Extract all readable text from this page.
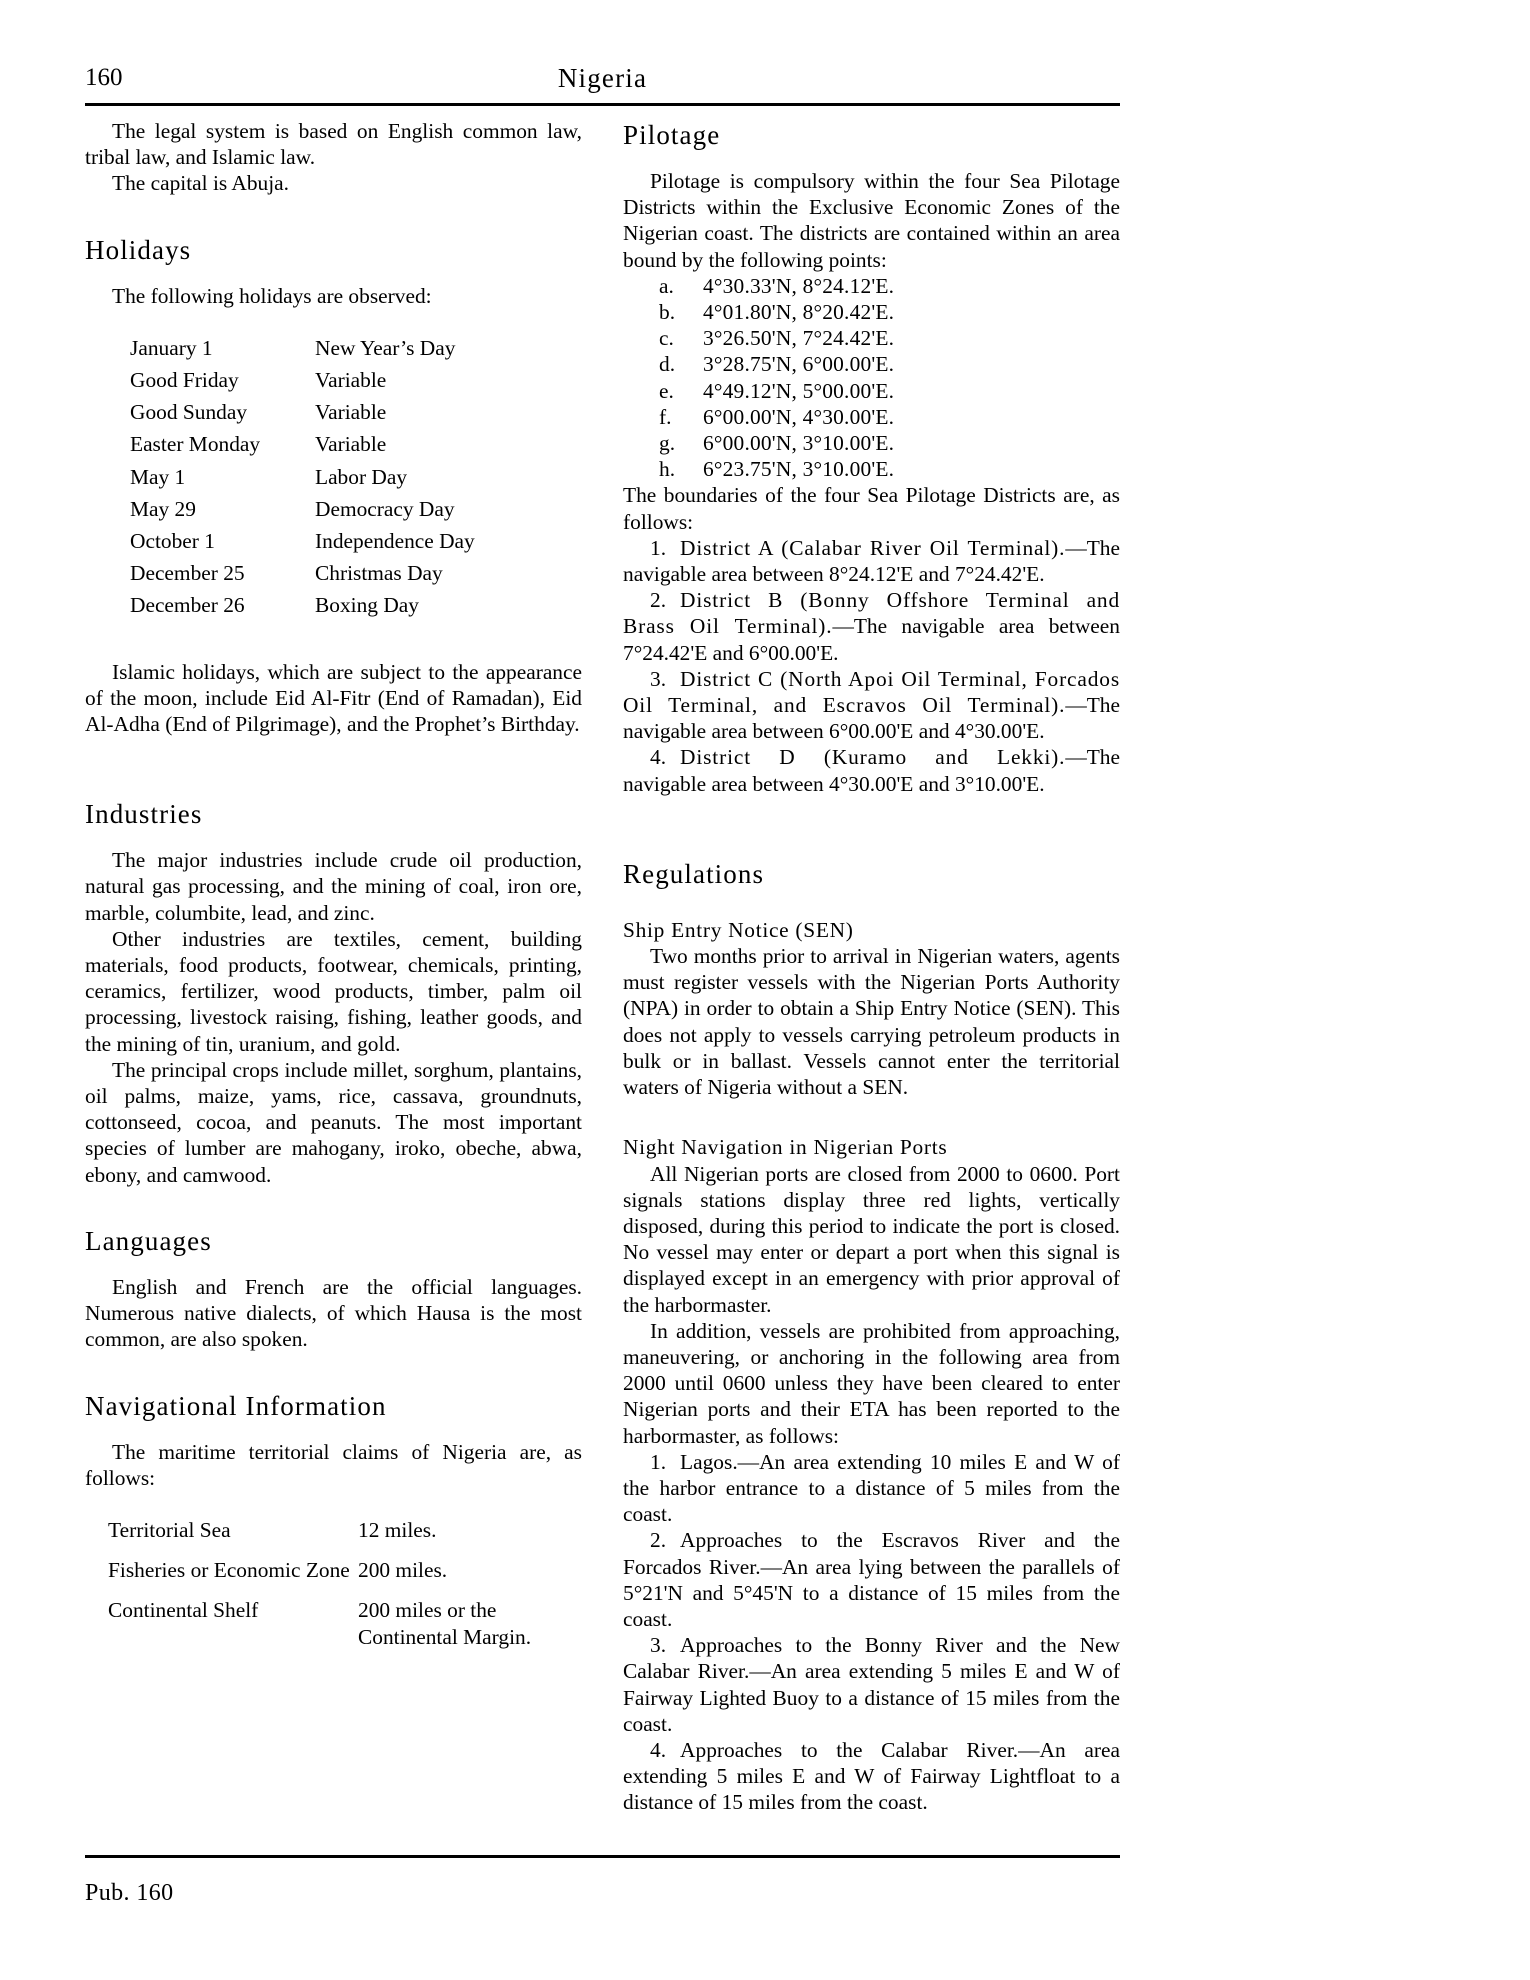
160	Nigeria

The legal system is based on English common law, tribal law, and Islamic law.

The capital is Abuja.

Holidays

The following holidays are observed:

January 1	New Year’s Day
Good Friday	Variable
Good Sunday	Variable
Easter Monday	Variable
May 1	Labor Day
May 29	Democracy Day
October 1	Independence Day
December 25	Christmas Day
December 26	Boxing Day

Islamic holidays, which are subject to the appearance of the moon, include Eid Al-Fitr (End of Ramadan), Eid Al-Adha (End of Pilgrimage), and the Prophet’s Birthday.

Industries

The major industries include crude oil production, natural gas processing, and the mining of coal, iron ore, marble, columbite, lead, and zinc.

Other industries are textiles, cement, building materials, food products, footwear, chemicals, printing, ceramics, fertilizer, wood products, timber, palm oil processing, livestock raising, fishing, leather goods, and the mining of tin, uranium, and gold.

The principal crops include millet, sorghum, plantains, oil palms, maize, yams, rice, cassava, groundnuts, cottonseed, cocoa, and peanuts. The most important species of lumber are mahogany, iroko, obeche, abwa, ebony, and camwood.

Languages

English and French are the official languages. Numerous native dialects, of which Hausa is the most common, are also spoken.

Navigational Information

The maritime territorial claims of Nigeria are, as follows:

Territorial Sea	12 miles.
Fisheries or Economic Zone	200 miles.
Continental Shelf	200 miles or the Continental Margin.
Pilotage

Pilotage is compulsory within the four Sea Pilotage Districts within the Exclusive Economic Zones of the Nigerian coast. The districts are contained within an area bound by the following points:

a.	4°30.33'N, 8°24.12'E.
b.	4°01.80'N, 8°20.42'E.
c.	3°26.50'N, 7°24.42'E.
d.	3°28.75'N, 6°00.00'E.
e.	4°49.12'N, 5°00.00'E.
f.	6°00.00'N, 4°30.00'E.
g.	6°00.00'N, 3°10.00'E.
h.	6°23.75'N, 3°10.00'E.

The boundaries of the four Sea Pilotage Districts are, as follows:

1. District A (Calabar River Oil Terminal).—The navigable area between 8°24.12'E and 7°24.42'E.

2. District B (Bonny Offshore Terminal and Brass Oil Terminal).—The navigable area between 7°24.42'E and 6°00.00'E.

3. District C (North Apoi Oil Terminal, Forcados Oil Terminal, and Escravos Oil Terminal).—The navigable area between 6°00.00'E and 4°30.00'E.

4. District D (Kuramo and Lekki).—The navigable area between 4°30.00'E and 3°10.00'E.

Regulations
Ship Entry Notice (SEN)

Two months prior to arrival in Nigerian waters, agents must register vessels with the Nigerian Ports Authority (NPA) in order to obtain a Ship Entry Notice (SEN). This does not apply to vessels carrying petroleum products in bulk or in ballast. Vessels cannot enter the territorial waters of Nigeria without a SEN.

Night Navigation in Nigerian Ports

All Nigerian ports are closed from 2000 to 0600. Port signals stations display three red lights, vertically disposed, during this period to indicate the port is closed. No vessel may enter or depart a port when this signal is displayed except in an emergency with prior approval of the harbormaster.

In addition, vessels are prohibited from approaching, maneuvering, or anchoring in the following area from 2000 until 0600 unless they have been cleared to enter Nigerian ports and their ETA has been reported to the harbormaster, as follows:

1. Lagos.—An area extending 10 miles E and W of the harbor entrance to a distance of 5 miles from the coast.

2. Approaches to the Escravos River and the Forcados River.—An area lying between the parallels of 5°21'N and 5°45'N to a distance of 15 miles from the coast.

3. Approaches to the Bonny River and the New Calabar River.—An area extending 5 miles E and W of Fairway Lighted Buoy to a distance of 15 miles from the coast.

4. Approaches to the Calabar River.—An area extending 5 miles E and W of Fairway Lightfloat to a distance of 15 miles from the coast.

Pub. 160
